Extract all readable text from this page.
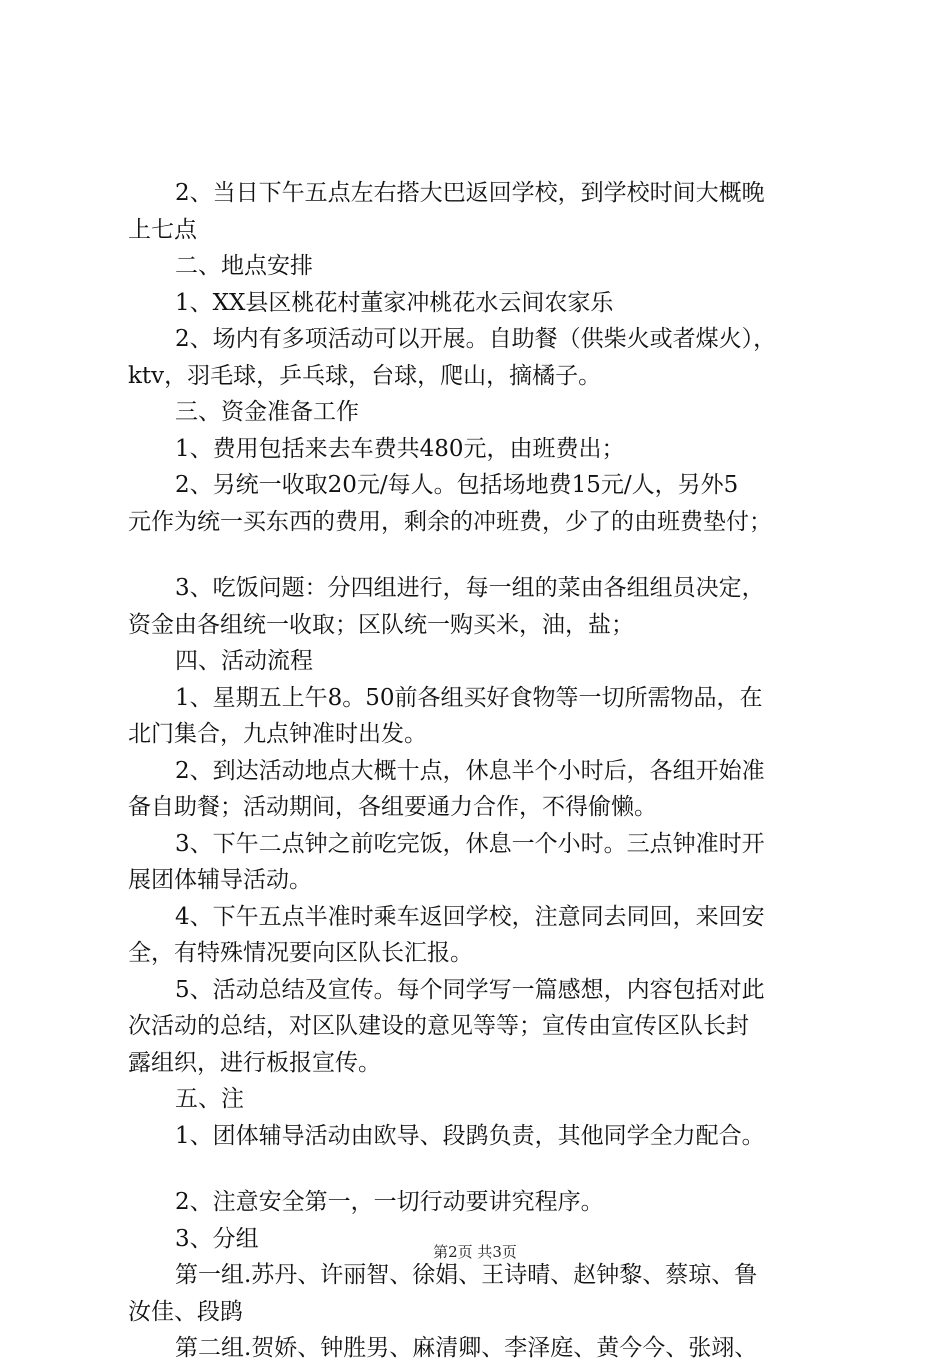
2、当日下午五点左右搭大巴返回学校，到学校时间大概晚

上七点

二、地点安排

1、XX县区桃花村董家冲桃花水云间农家乐

2、场内有多项活动可以开展。自助餐（供柴火或者煤火），

ktv，羽毛球，乒乓球，台球，爬山，摘橘子。

三、资金准备工作

1、费用包括来去车费共480元，由班费出；

2、另统一收取20元/每人。包括场地费15元/人，另外5

元作为统一买东西的费用，剩余的冲班费，少了的由班费垫付；

3、吃饭问题：分四组进行，每一组的菜由各组组员决定，

资金由各组统一收取；区队统一购买米，油，盐；

四、活动流程

1、星期五上午8。50前各组买好食物等一切所需物品，在

北门集合，九点钟准时出发。

2、到达活动地点大概十点，休息半个小时后，各组开始准

备自助餐；活动期间，各组要通力合作，不得偷懒。

3、下午二点钟之前吃完饭，休息一个小时。三点钟准时开

展团体辅导活动。

4、下午五点半准时乘车返回学校，注意同去同回，来回安

全，有特殊情况要向区队长汇报。

5、活动总结及宣传。每个同学写一篇感想，内容包括对此

次活动的总结，对区队建设的意见等等；宣传由宣传区队长封

露组织，进行板报宣传。

五、注

1、团体辅导活动由欧导、段鹍负责，其他同学全力配合。

2、注意安全第一，一切行动要讲究程序。

3、分组

第一组.苏丹、许丽智、徐娟、王诗晴、赵钟黎、蔡琼、鲁

汝佳、段鹍

第二组.贺娇、钟胜男、麻清卿、李泽庭、黄今今、张翊、

第2页 共3页
